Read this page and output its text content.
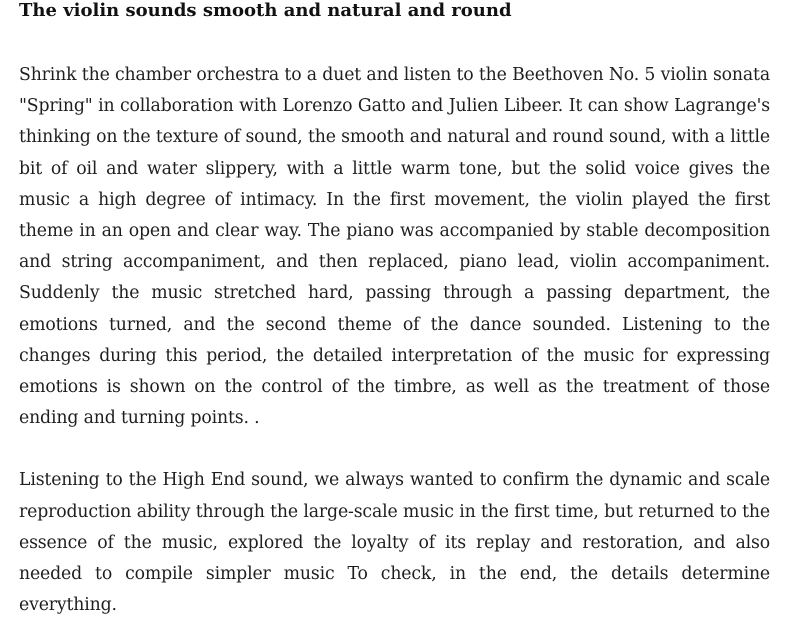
The violin sounds smooth and natural and round

Shrink the chamber orchestra to a duet and listen to the Beethoven No. 5 violin sonata "Spring" in collaboration with Lorenzo Gatto and Julien Libeer. It can show Lagrange's thinking on the texture of sound, the smooth and natural and round sound, with a little bit of oil and water slippery, with a little warm tone, but the solid voice gives the music a high degree of intimacy. In the first movement, the violin played the first theme in an open and clear way. The piano was accompanied by stable decomposition and string accompaniment, and then replaced, piano lead, violin accompaniment. Suddenly the music stretched hard, passing through a passing department, the emotions turned, and the second theme of the dance sounded. Listening to the changes during this period, the detailed interpretation of the music for expressing emotions is shown on the control of the timbre, as well as the treatment of those ending and turning points. .

Listening to the High End sound, we always wanted to confirm the dynamic and scale reproduction ability through the large-scale music in the first time, but returned to the essence of the music, explored the loyalty of its replay and restoration, and also needed to compile simpler music To check, in the end, the details determine everything.
